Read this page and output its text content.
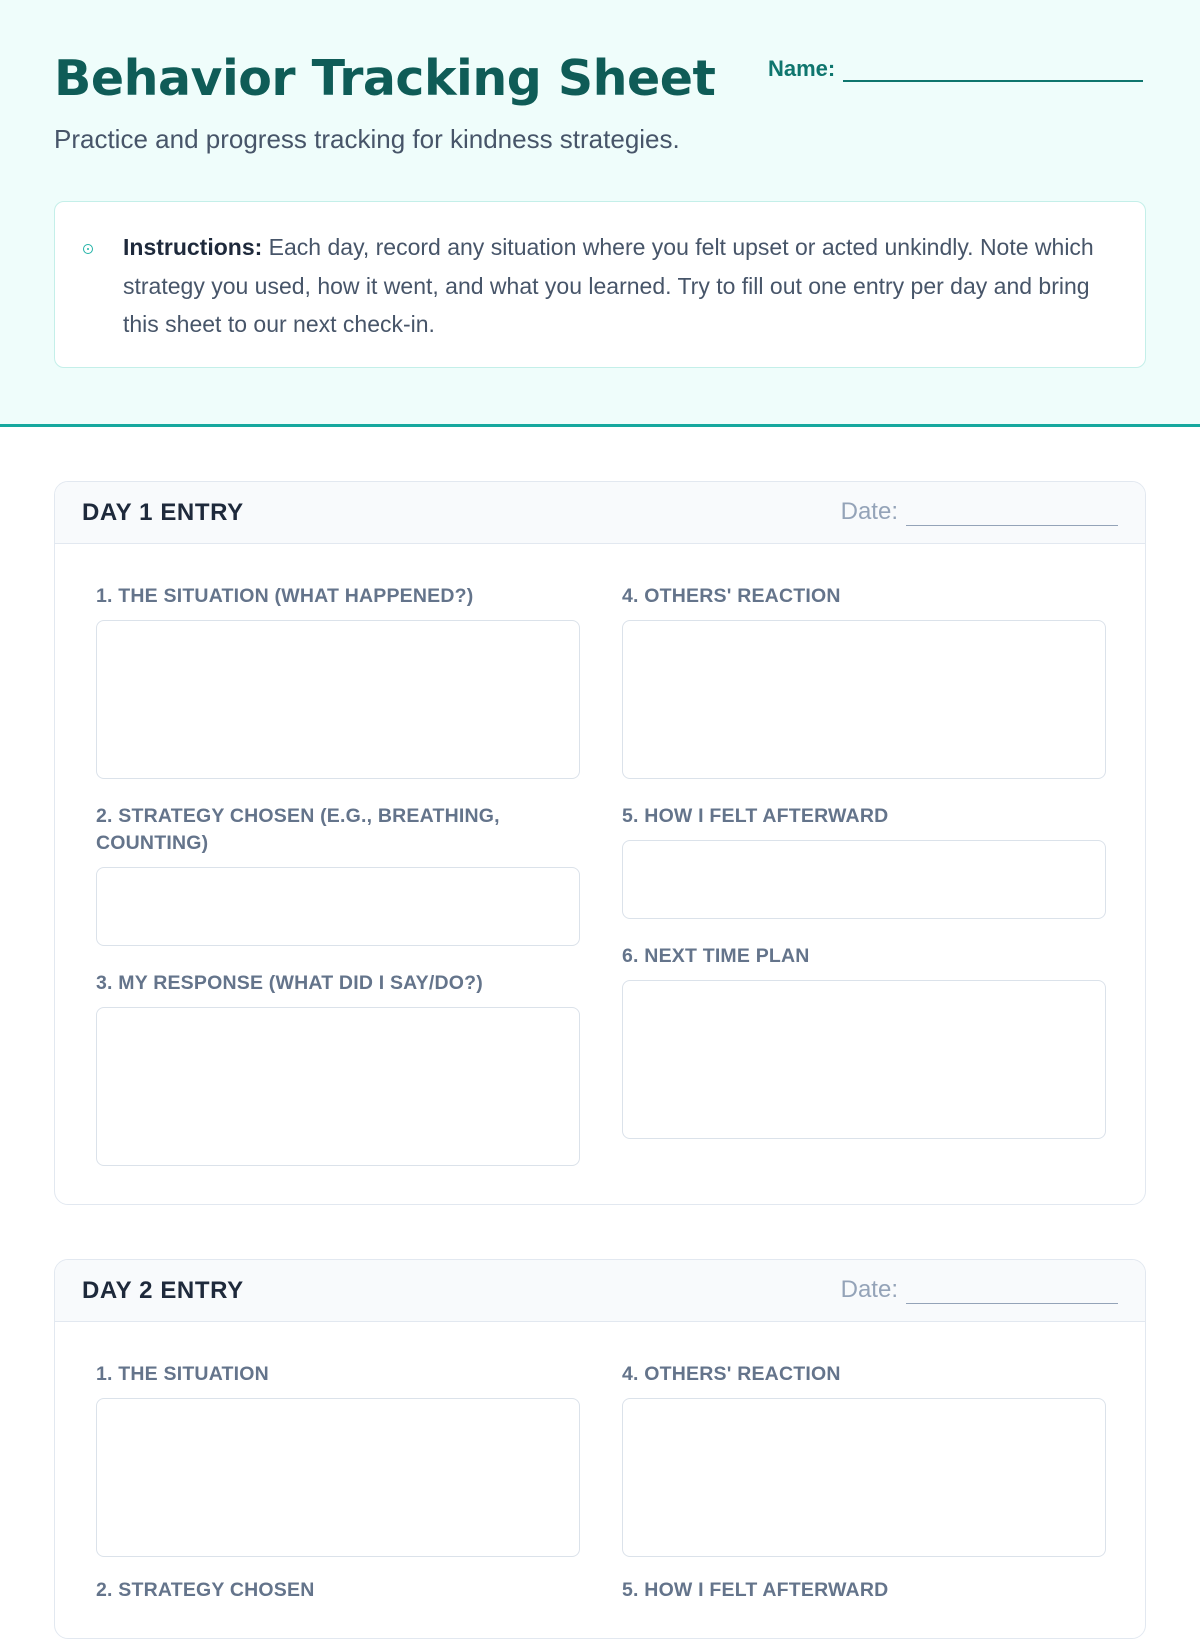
Behavior Tracking Sheet Name:

Practice and progress tracking for kindness strategies.

Instructions: Each day, record any situation where you felt upset or acted unkindly. Note which strategy you used, how it went, and what you learned. Try to fill out one entry per day and bring this sheet to our next check-in.

DAY 1 ENTRY	Date:

1. THE SITUATION (WHAT HAPPENED?)

2. STRATEGY CHOSEN (E.G., BREATHING, COUNTING)

3. MY RESPONSE (WHAT DID I SAY/DO?)

4. OTHERS' REACTION

5. HOW I FELT AFTERWARD

6. NEXT TIME PLAN

DAY 2 ENTRY	Date:

1. THE SITUATION

2. STRATEGY CHOSEN

4. OTHERS' REACTION

5. HOW I FELT AFTERWARD
